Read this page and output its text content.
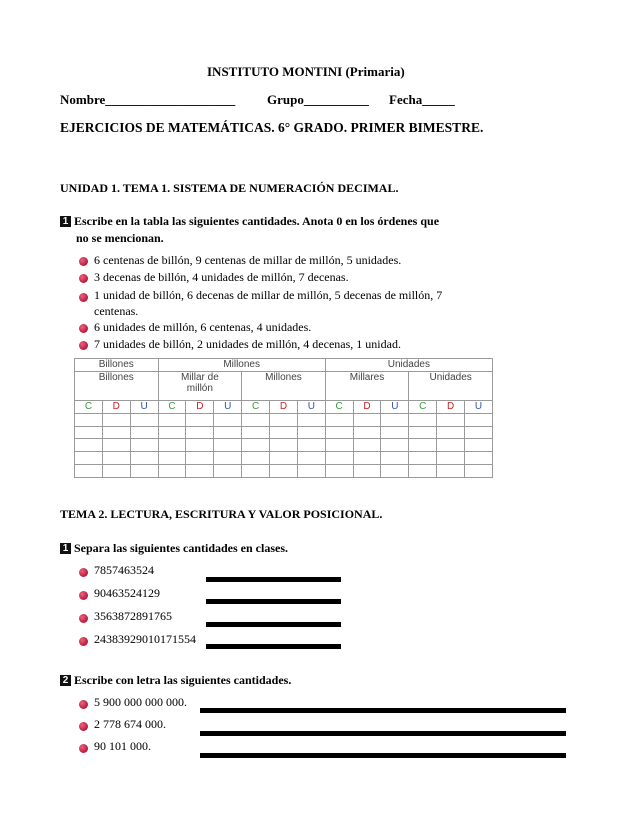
INSTITUTO MONTINI (Primaria)
Nombre____________________ Grupo__________ Fecha_____
EJERCICIOS DE MATEMÁTICAS. 6° GRADO. PRIMER BIMESTRE.
UNIDAD 1. TEMA 1. SISTEMA DE NUMERACIÓN DECIMAL.
1 Escribe en la tabla las siguientes cantidades. Anota 0 en los órdenes que
no se mencionan.
6 centenas de billón, 9 centenas de millar de millón, 5 unidades.
3 decenas de billón, 4 unidades de millón, 7 decenas.
1 unidad de billón, 6 decenas de millar de millón, 5 decenas de millón, 7
centenas.
6 unidades de millón, 6 centenas, 4 unidades.
7 unidades de billón, 2 unidades de millón, 4 decenas, 1 unidad.
Billones			Millones						Unidades					
Billones			Millar de millón			Millones			Millares			Unidades		
C	D	U	C	D	U	C	D	U	C	D	U	C	D	U

TEMA 2. LECTURA, ESCRITURA Y VALOR POSICIONAL.
1 Separa las siguientes cantidades en clases.
7857463524
90463524129
3563872891765
24383929010171554
2 Escribe con letra las siguientes cantidades.
5 900 000 000 000.
2 778 674 000.
90 101 000.
